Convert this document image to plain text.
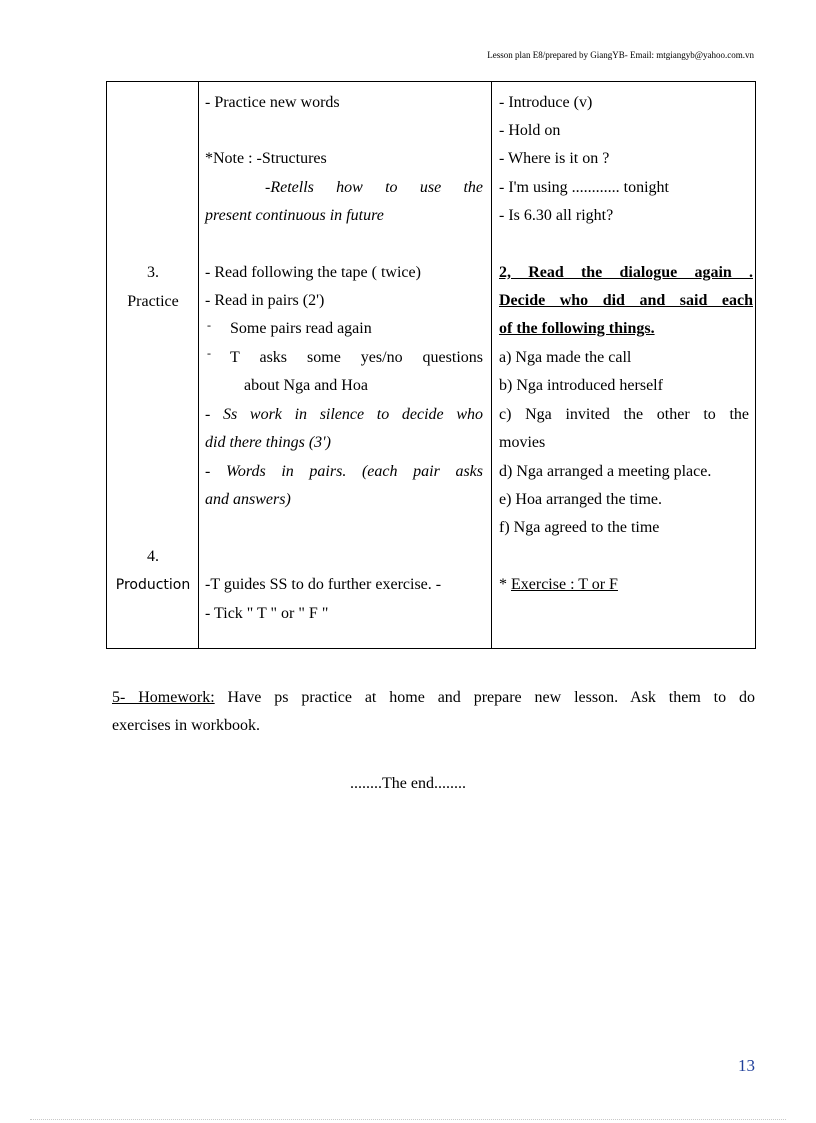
Lesson plan E8/prepared by GiangYB- Email: mtgiangyb@yahoo.com.vn
3.
Practice
4.
Production
- Practice new words
*Note : -Structures
-Retells how to use the
present continuous in future
- Read following the tape ( twice)
- Read in pairs (2')
- Some pairs read again
- T asks some yes/no questions
about Nga and Hoa
- Ss work in silence to decide who
did there things (3')
- Words in pairs. (each pair asks
and answers)
-T guides SS to do further exercise. -
- Tick " T " or " F "
- Introduce (v)
- Hold on
- Where is it on ?
- I'm using ............ tonight
- Is 6.30 all right?
2, Read the dialogue again .
Decide who did and said each
of the following things.
a) Nga made the call
b) Nga introduced herself
c) Nga invited the other to the
movies
d) Nga arranged a meeting place.
e) Hoa arranged the time.
f) Nga agreed to the time
* Exercise : T or F
5- Homework: Have ps practice at home and prepare new lesson. Ask them to do
exercises in workbook.
........The end........
13
